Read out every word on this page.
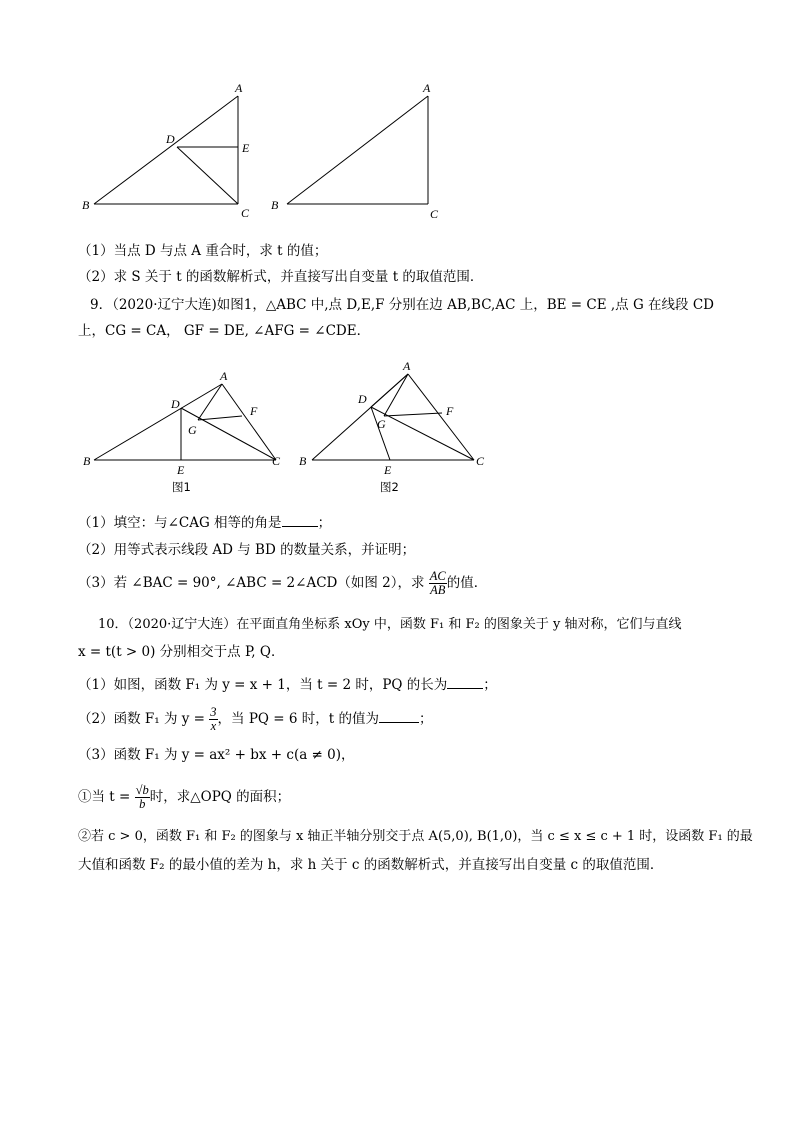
A
B
C
D
E
A
B
C
（1）当点 D 与点 A 重合时，求 t 的值；
（2）求 S 关于 t 的函数解析式，并直接写出自变量 t 的取值范围．
9．（2020·辽宁大连)如图1，△ABC 中,点 D,E,F 分别在边 AB,BC,AC 上，BE = CE ,点 G 在线段 CD
上，CG = CA， GF = DE, ∠AFG = ∠CDE．
A
B	C
D
E
F
G
图1
A
B	C
D
E
F
G
图2
（1）填空：与∠CAG 相等的角是	；
（2）用等式表示线段 AD 与 BD 的数量关系，并证明；
（3）若 ∠BAC = 90°, ∠ABC = 2∠ACD（如图 2），求 $\frac{AC}{AB}$ 的值．
10．（2020·辽宁大连）在平面直角坐标系 xOy 中，函数 F₁ 和 F₂ 的图象关于 y 轴对称，它们与直线
x = t(t > 0) 分别相交于点 P, Q．
（1）如图，函数 F₁ 为 y = x + 1，当 t = 2 时，PQ 的长为	；
（2）函数 F₁ 为 $y = \frac{3}{x}$ ，当 PQ = 6 时，t 的值为	；
（3）函数 F₁ 为 y = ax² + bx + c(a ≠ 0)，
①当 $t = \frac{√b}{b}$ 时，求△OPQ 的面积；
②若 c > 0，函数 F₁ 和 F₂ 的图象与 x 轴正半轴分别交于点 A(5,0), B(1,0)，当 c ≤ x ≤ c + 1 时，设函数 F₁ 的最
大值和函数 F₂ 的最小值的差为 h，求 h 关于 c 的函数解析式，并直接写出自变量 c 的取值范围．
